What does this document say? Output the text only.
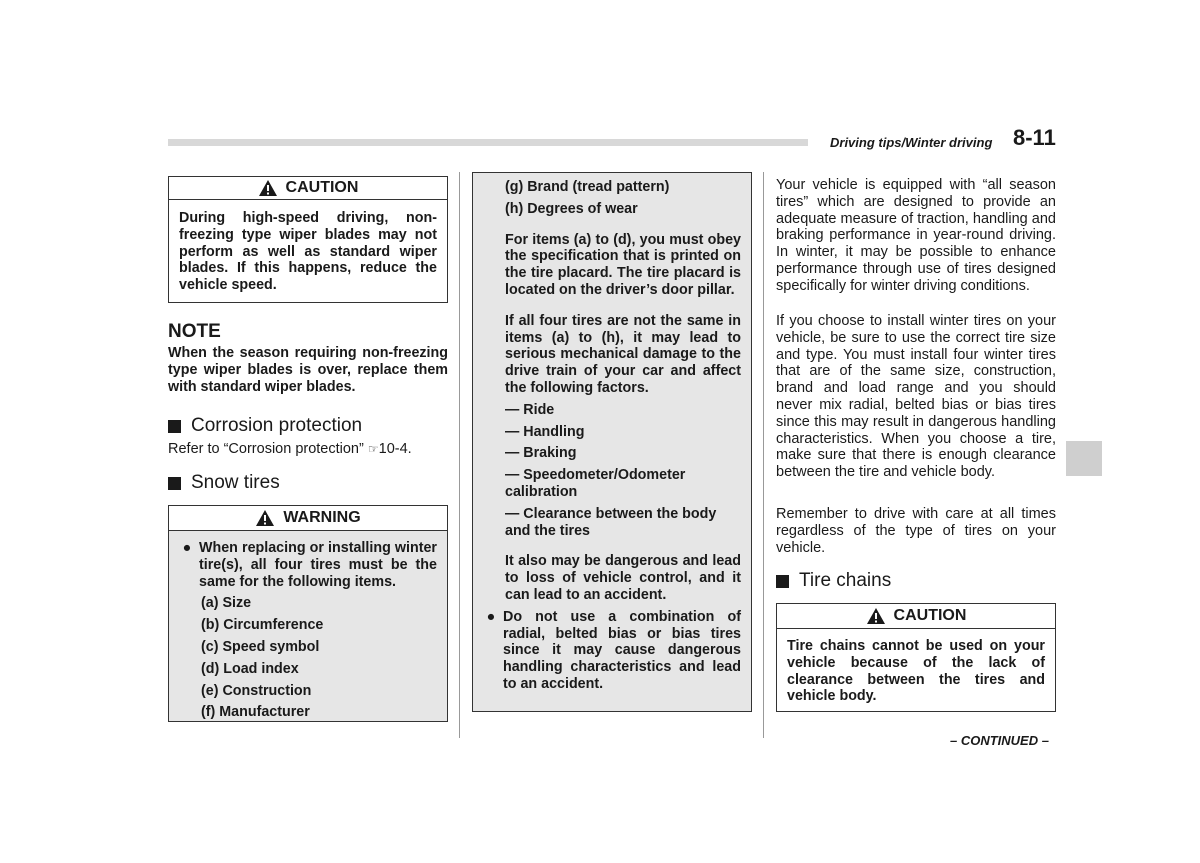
Driving tips/Winter driving 8-11
CAUTION

During high-speed driving, non-freezing type wiper blades may not perform as well as standard wiper blades. If this happens, reduce the vehicle speed.

NOTE

When the season requiring non-freezing type wiper blades is over, replace them with standard wiper blades.

Corrosion protection

Refer to “Corrosion protection” ☞10-4.

Snow tires
WARNING
● When replacing or installing winter tire(s), all four tires must be the same for the following items.
(a) Size
(b) Circumference
(c) Speed symbol
(d) Load index
(e) Construction
(f) Manufacturer
(g) Brand (tread pattern)
(h) Degrees of wear

For items (a) to (d), you must obey the specification that is printed on the tire placard. The tire placard is located on the driver’s door pillar.

If all four tires are not the same in items (a) to (h), it may lead to serious mechanical damage to the drive train of your car and affect the following factors.

— Ride
— Handling
— Braking
— Speedometer/Odometer calibration
— Clearance between the body and the tires

It also may be dangerous and lead to loss of vehicle control, and it can lead to an accident.

● Do not use a combination of radial, belted bias or bias tires since it may cause dangerous handling characteristics and lead to an accident.

Your vehicle is equipped with “all season tires” which are designed to provide an adequate measure of traction, handling and braking performance in year-round driving. In winter, it may be possible to enhance performance through use of tires designed specifically for winter driving conditions.

If you choose to install winter tires on your vehicle, be sure to use the correct tire size and type. You must install four winter tires that are of the same size, construction, brand and load range and you should never mix radial, belted bias or bias tires since this may result in dangerous handling characteristics. When you choose a tire, make sure that there is enough clearance between the tire and vehicle body.

Remember to drive with care at all times regardless of the type of tires on your vehicle.

Tire chains
CAUTION

Tire chains cannot be used on your vehicle because of the lack of clearance between the tires and vehicle body.

– CONTINUED –
